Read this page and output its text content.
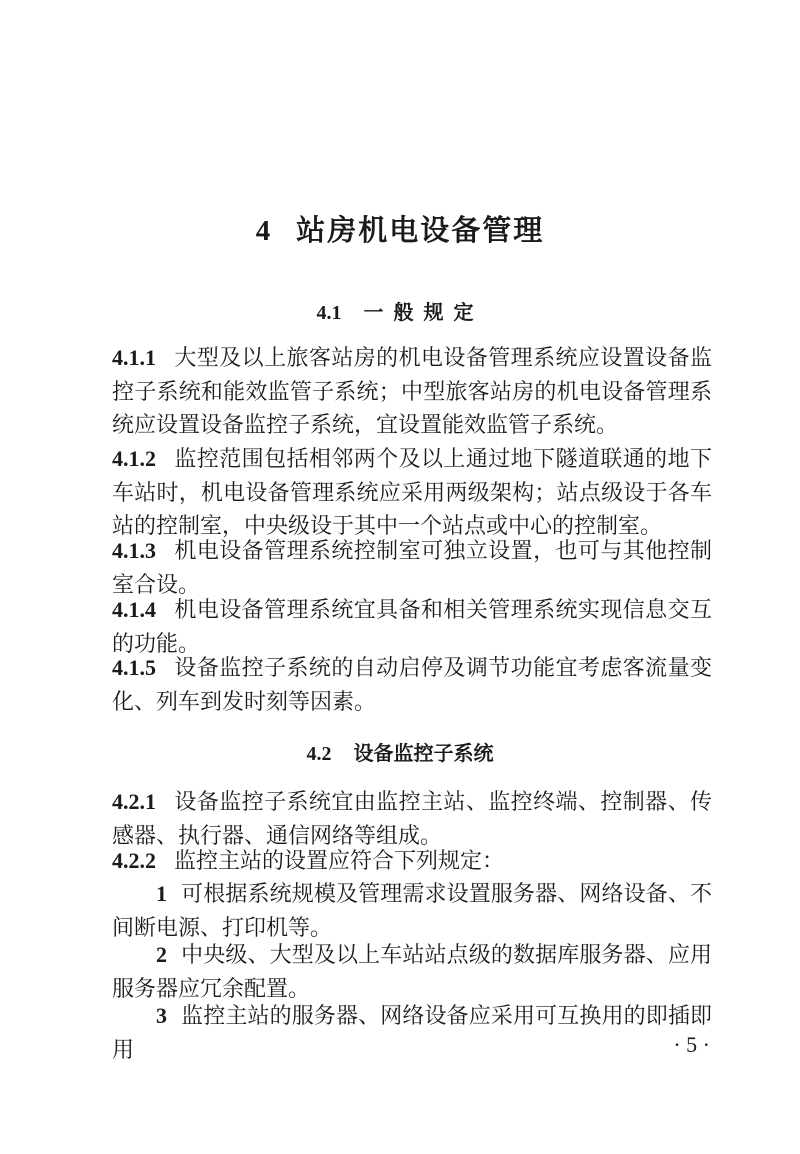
4 站房机电设备管理
4.1 一般规定
4.1.1 大型及以上旅客站房的机电设备管理系统应设置设备监控子系统和能效监管子系统；中型旅客站房的机电设备管理系统应设置设备监控子系统，宜设置能效监管子系统。
4.1.2 监控范围包括相邻两个及以上通过地下隧道联通的地下车站时，机电设备管理系统应采用两级架构；站点级设于各车站的控制室，中央级设于其中一个站点或中心的控制室。
4.1.3 机电设备管理系统控制室可独立设置，也可与其他控制室合设。
4.1.4 机电设备管理系统宜具备和相关管理系统实现信息交互的功能。
4.1.5 设备监控子系统的自动启停及调节功能宜考虑客流量变化、列车到发时刻等因素。
4.2 设备监控子系统
4.2.1 设备监控子系统宜由监控主站、监控终端、控制器、传感器、执行器、通信网络等组成。
4.2.2 监控主站的设置应符合下列规定：
1 可根据系统规模及管理需求设置服务器、网络设备、不间断电源、打印机等。
2 中央级、大型及以上车站站点级的数据库服务器、应用服务器应冗余配置。
3 监控主站的服务器、网络设备应采用可互换用的即插即用	· 5 ·
